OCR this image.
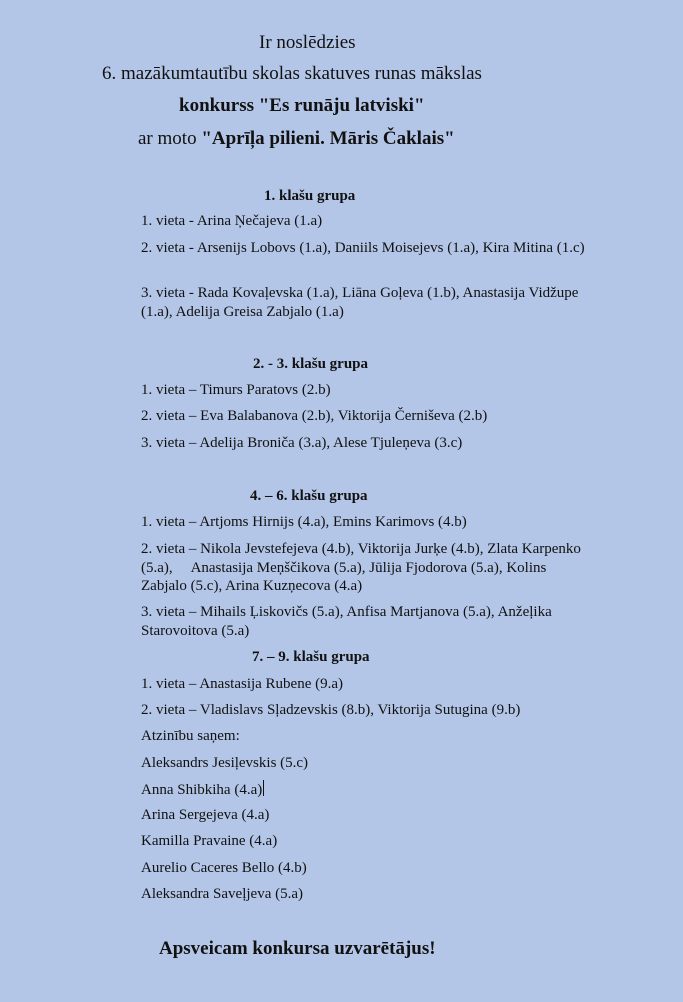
Ir noslēdzies
6. mazākumtautību skolas skatuves runas mākslas
konkurss "Es runāju latviski"
ar moto "Aprīļa pilieni. Māris Čaklais"
1. klašu grupa
1. vieta - Arina Ņečajeva (1.a)
2. vieta - Arsenijs Lobovs (1.a), Daniils Moisejevs (1.a), Kira Mitina (1.c)
3. vieta - Rada Kovaļevska (1.a), Liāna Goļeva (1.b), Anastasija Vidžupe (1.a), Adelija Greisa Zabjalo (1.a)
2. - 3. klašu grupa
1. vieta – Timurs Paratovs (2.b)
2. vieta – Eva Balabanova (2.b), Viktorija Černiševa (2.b)
3. vieta – Adelija Broniča (3.a), Alese Tjuleņeva (3.c)
4. – 6. klašu grupa
1. vieta – Artjoms Hirnijs (4.a), Emins Karimovs (4.b)
2. vieta – Nikola Jevstefejeva (4.b), Viktorija Jurķe (4.b), Zlata Karpenko (5.a),     Anastasija Meņščikova (5.a), Jūlija Fjodorova (5.a), Kolins Zabjalo (5.c), Arina Kuzņecova (4.a)
3. vieta – Mihails Ļiskovičs (5.a), Anfisa Martjanova (5.a), Anžeļika Starovoitova (5.a)
7. – 9. klašu grupa
1. vieta – Anastasija Rubene (9.a)
2. vieta – Vladislavs Sļadzevskis (8.b), Viktorija Sutugina (9.b)
Atzinību saņem:
Aleksandrs Jesiļevskis (5.c)
Anna Shibkiha (4.a)
Arina Sergejeva (4.a)
Kamilla Pravaine (4.a)
Aurelio Caceres Bello (4.b)
Aleksandra Saveļjeva (5.a)
Apsveicam konkursa uzvarētājus!
